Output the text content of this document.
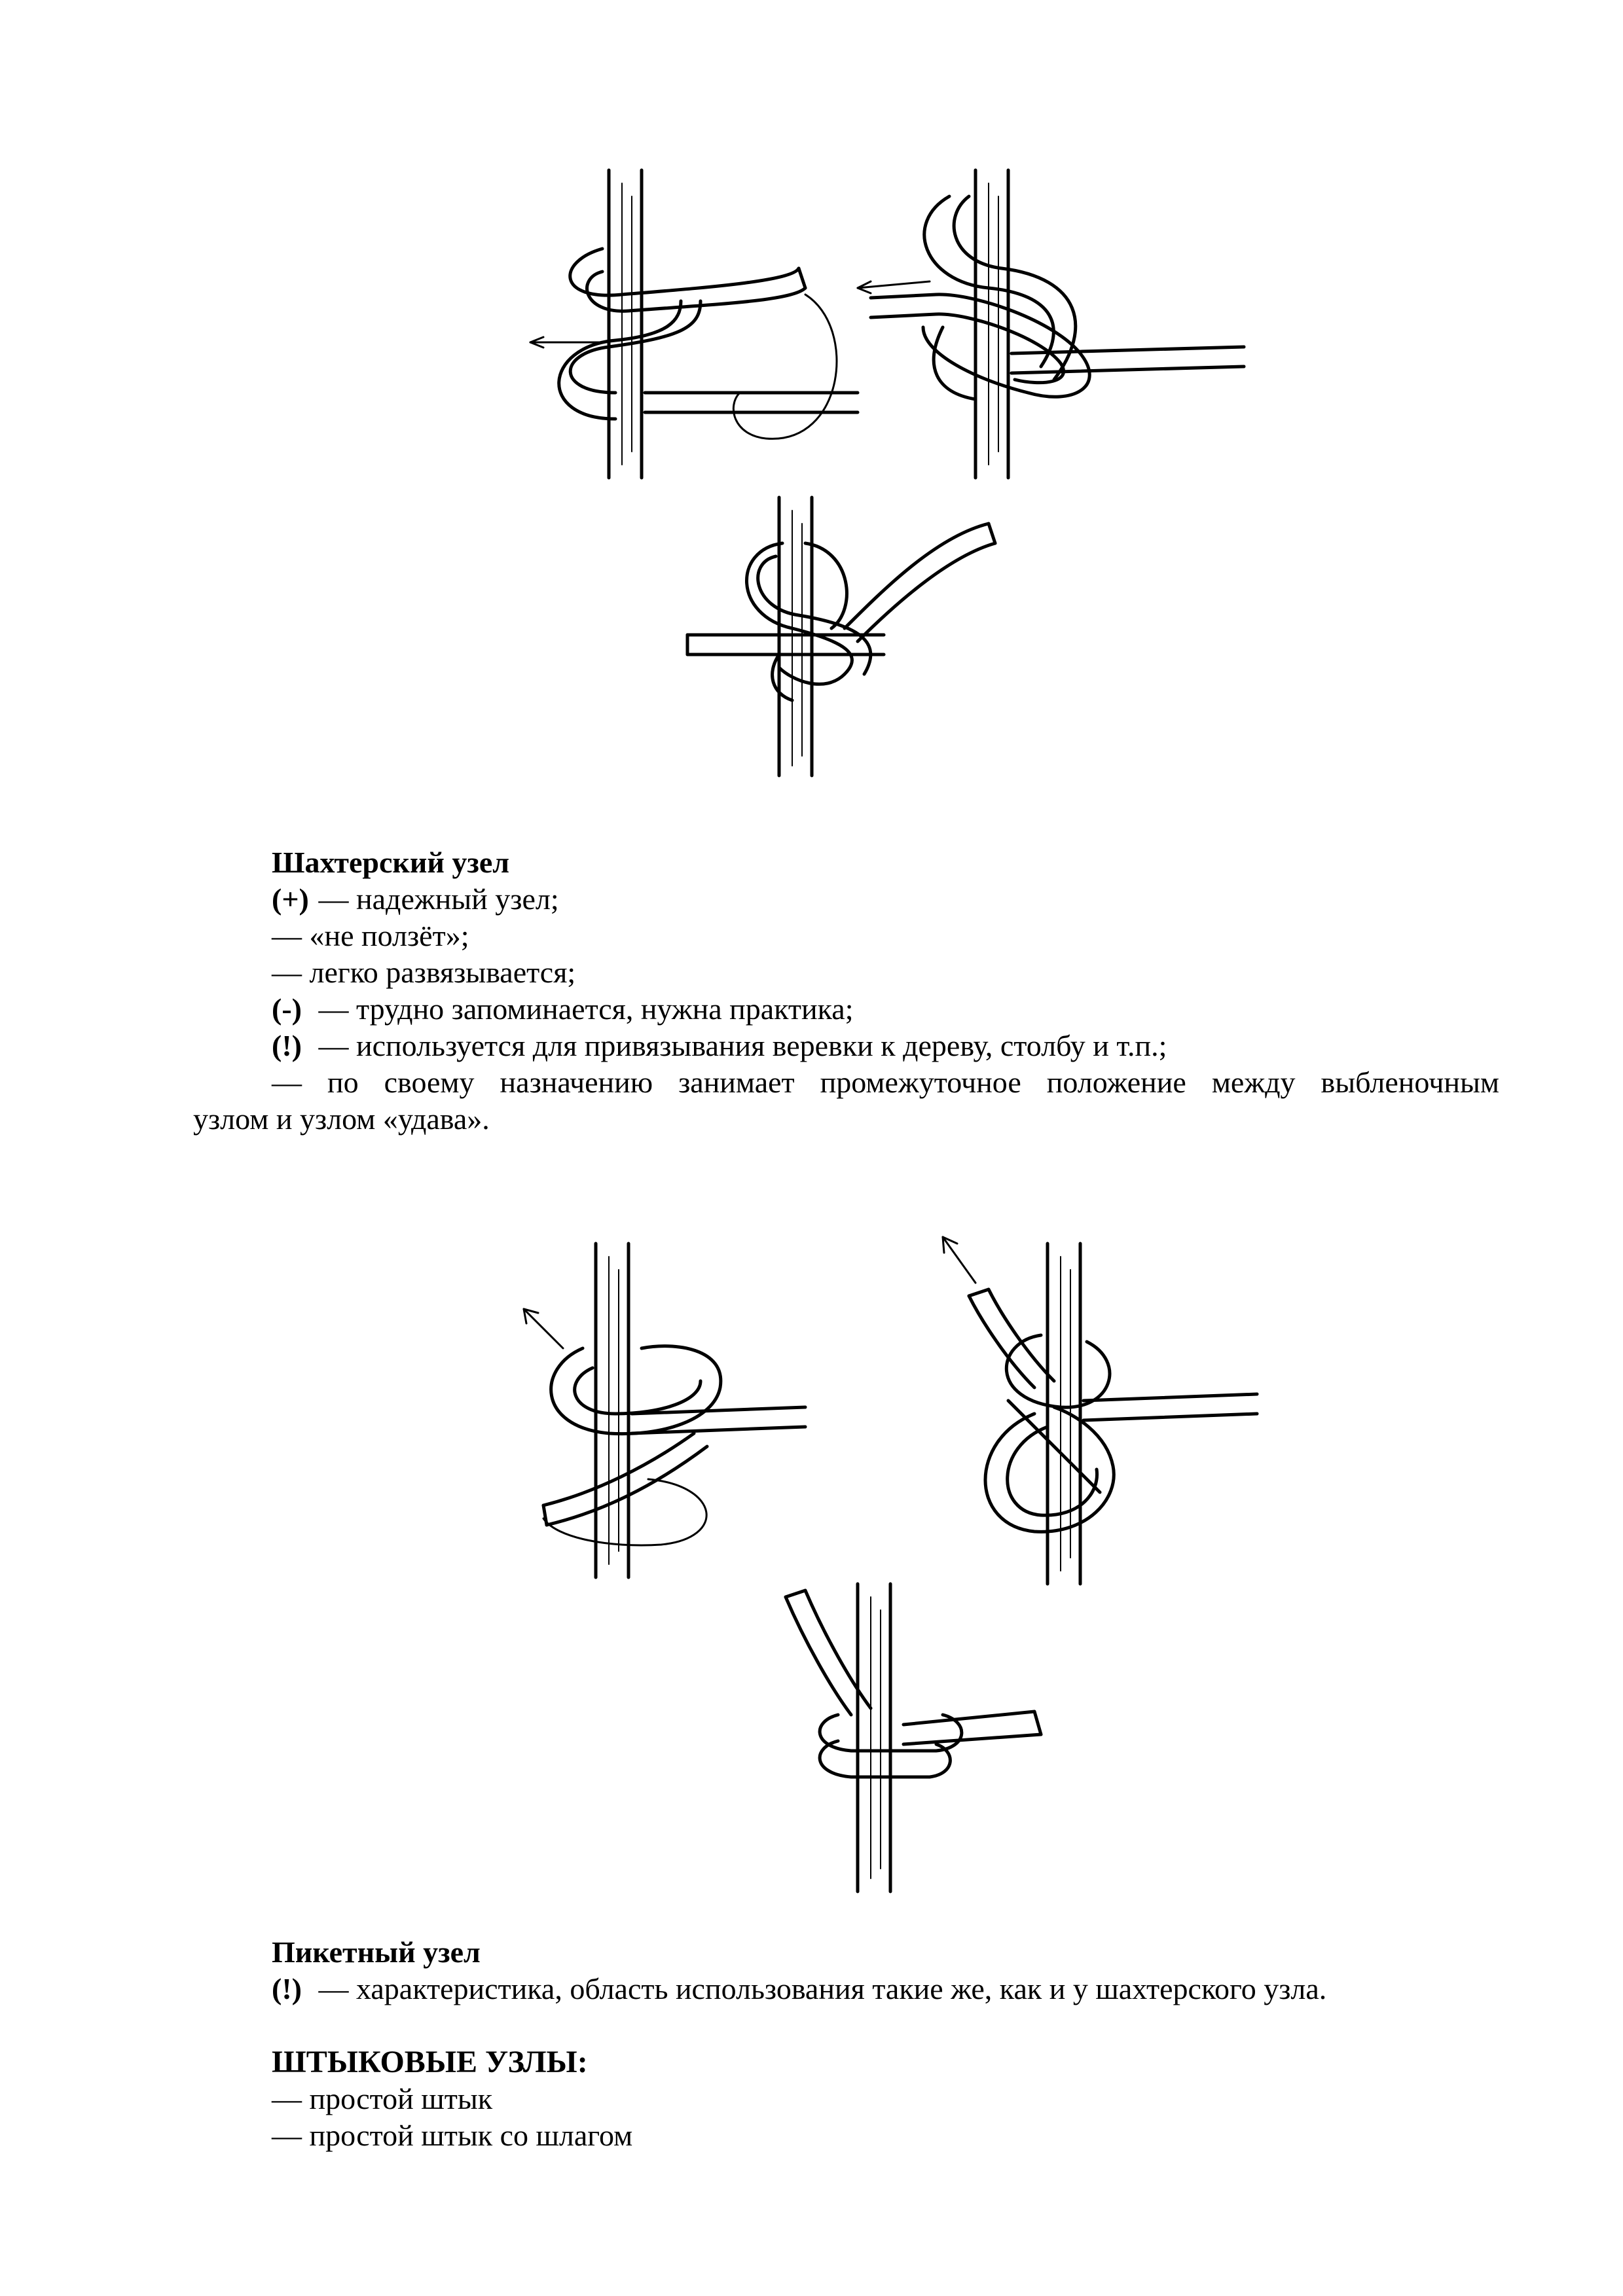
Шахтерский узел
(+) — надежный узел;
— «не ползёт»;
— легко развязывается;
(-) — трудно запоминается, нужна практика;
(!) — используется для привязывания веревки к дереву, столбу и т.п.;
— по своему назначению занимает промежуточное положение между выбленочным
узлом и узлом «удава».
Пикетный узел
(!) — характеристика, область использования такие же, как и у шахтерского узла.
ШТЫКОВЫЕ УЗЛЫ:
— простой штык
— простой штык со шлагом
